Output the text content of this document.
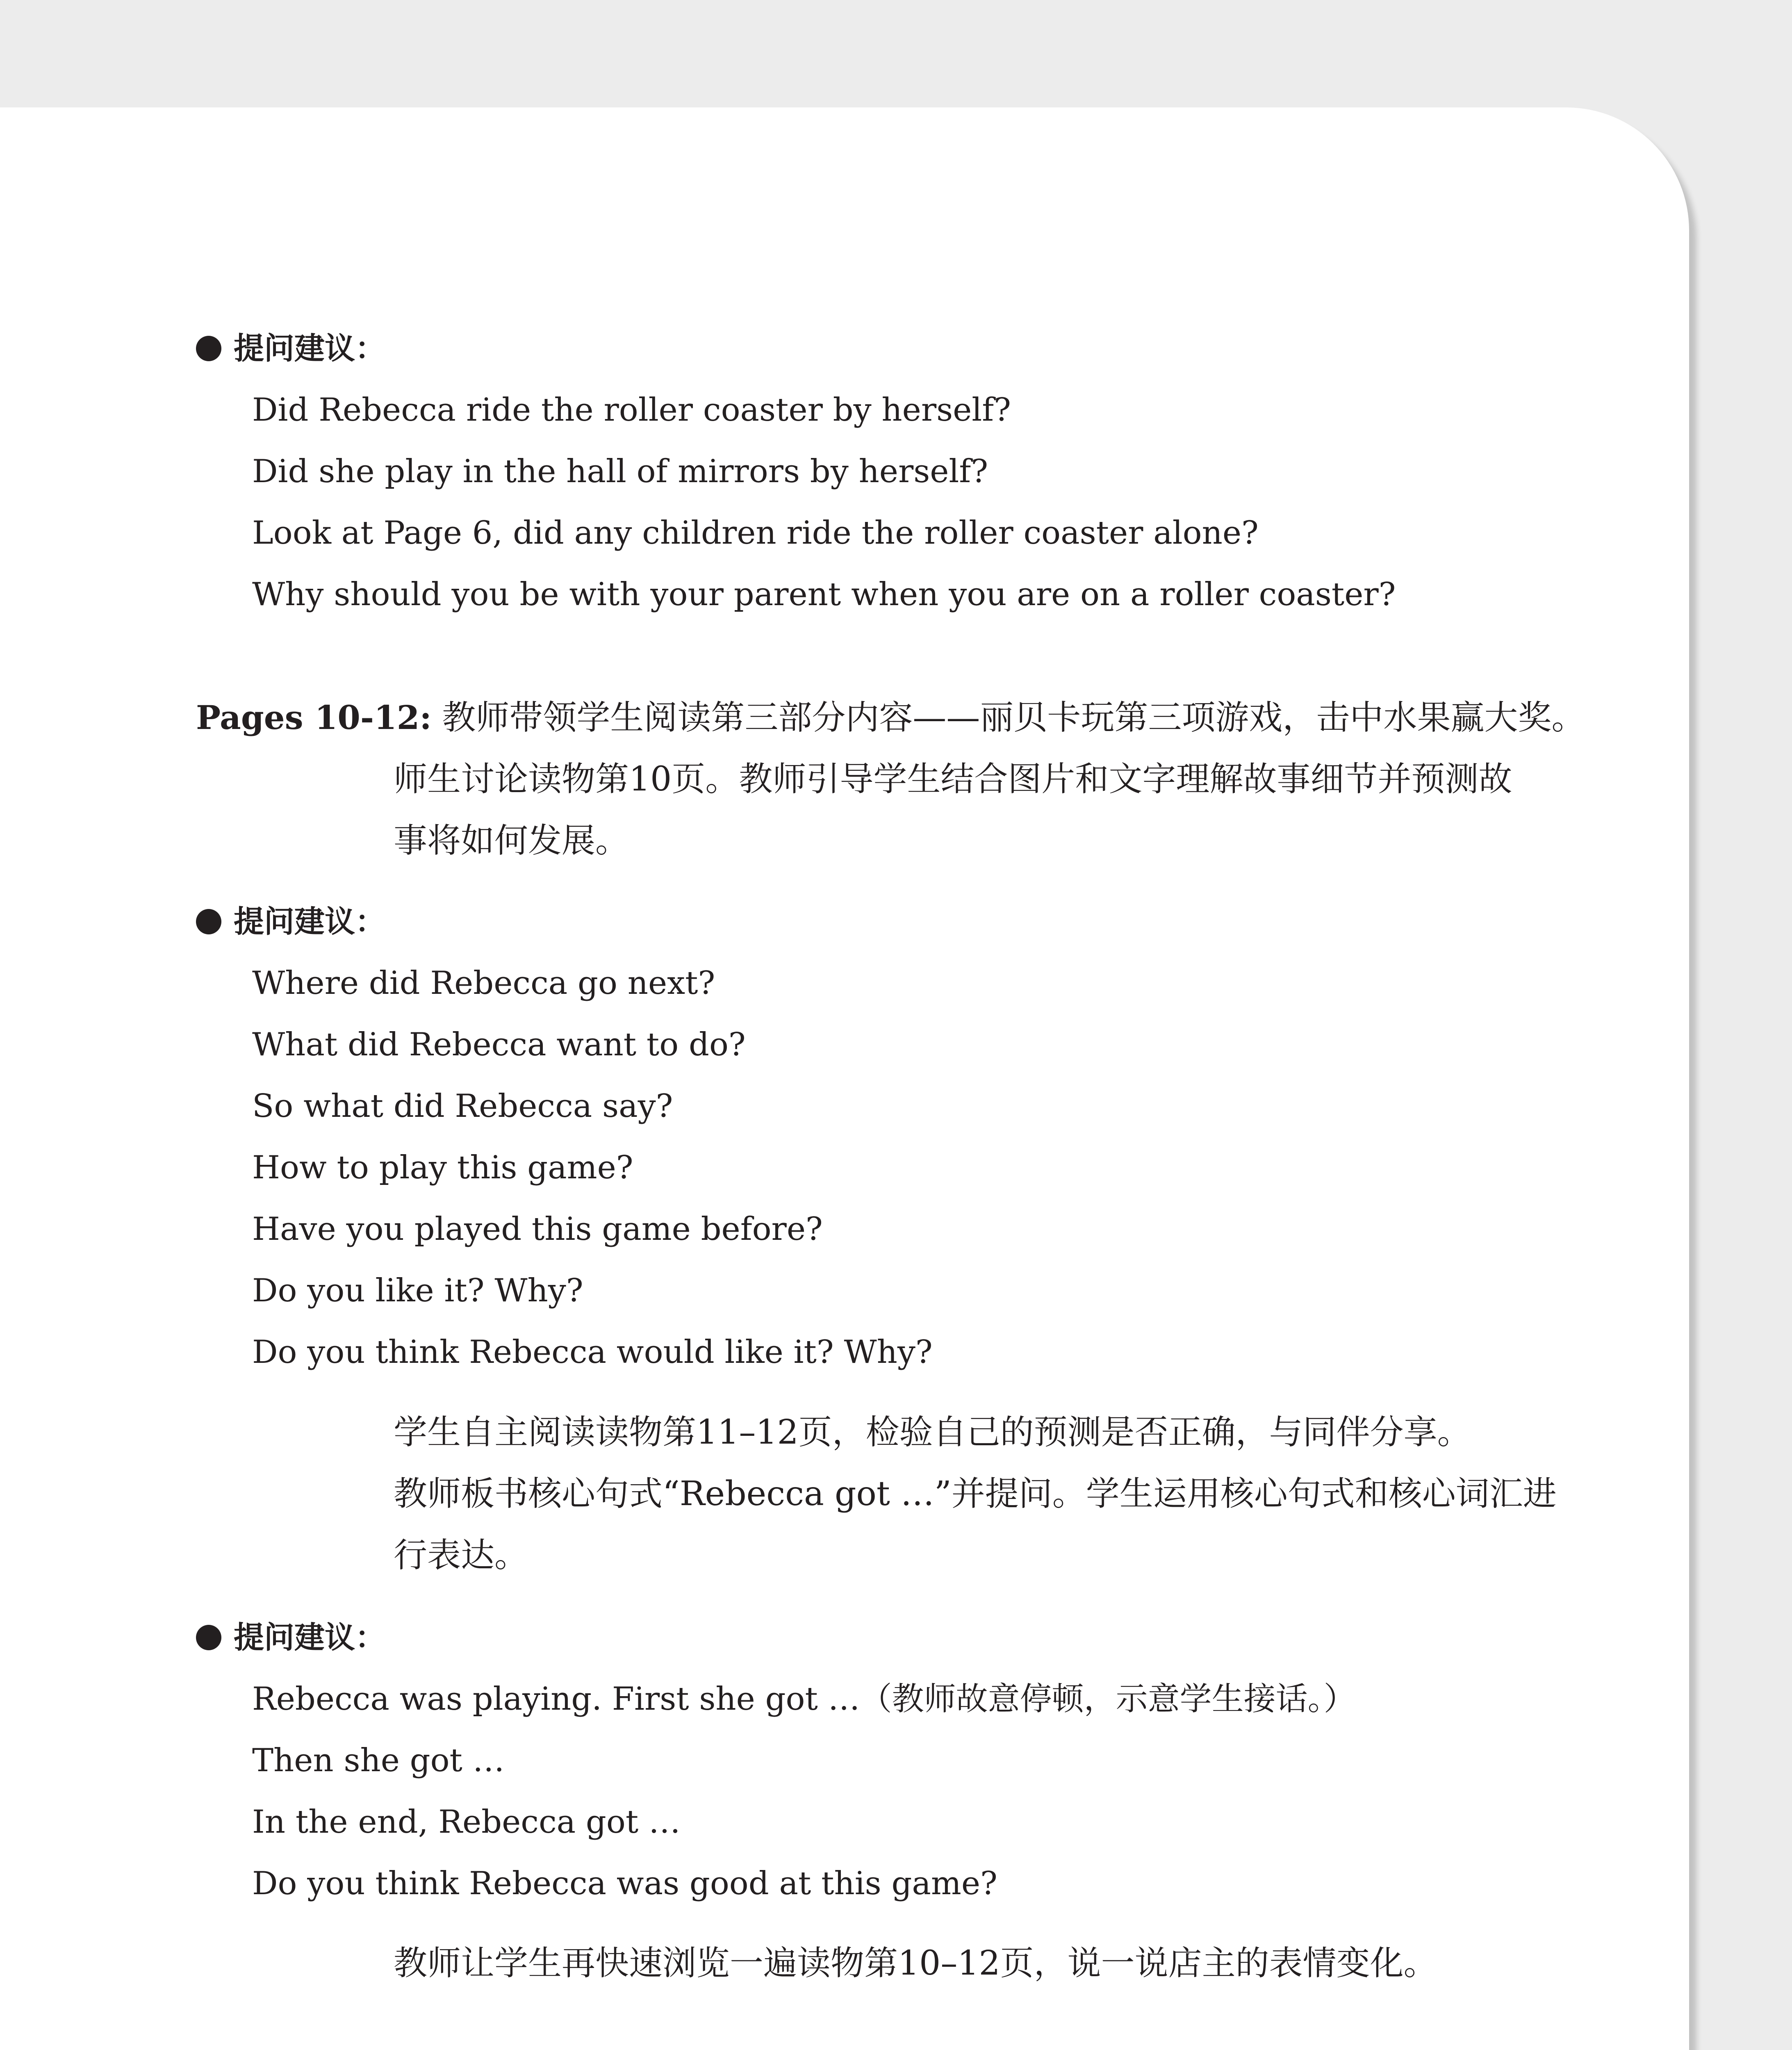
提问建议：
Did Rebecca ride the roller coaster by herself?
Did she play in the hall of mirrors by herself?
Look at Page 6, did any children ride the roller coaster alone?
Why should you be with your parent when you are on a roller coaster?
Pages 10-12: 教师带领学生阅读第三部分内容——丽贝卡玩第三项游戏，击中水果赢大奖。
师生讨论读物第10页。教师引导学生结合图片和文字理解故事细节并预测故
事将如何发展。
提问建议：
Where did Rebecca go next?
What did Rebecca want to do?
So what did Rebecca say?
How to play this game?
Have you played this game before?
Do you like it? Why?
Do you think Rebecca would like it? Why?
学生自主阅读读物第11–12页，检验自己的预测是否正确，与同伴分享。
教师板书核心句式“Rebecca got …”并提问。学生运用核心句式和核心词汇进
行表达。
提问建议：
Rebecca was playing. First she got …（教师故意停顿，示意学生接话。）
Then she got …
In the end, Rebecca got …
Do you think Rebecca was good at this game?
教师让学生再快速浏览一遍读物第10–12页，说一说店主的表情变化。
